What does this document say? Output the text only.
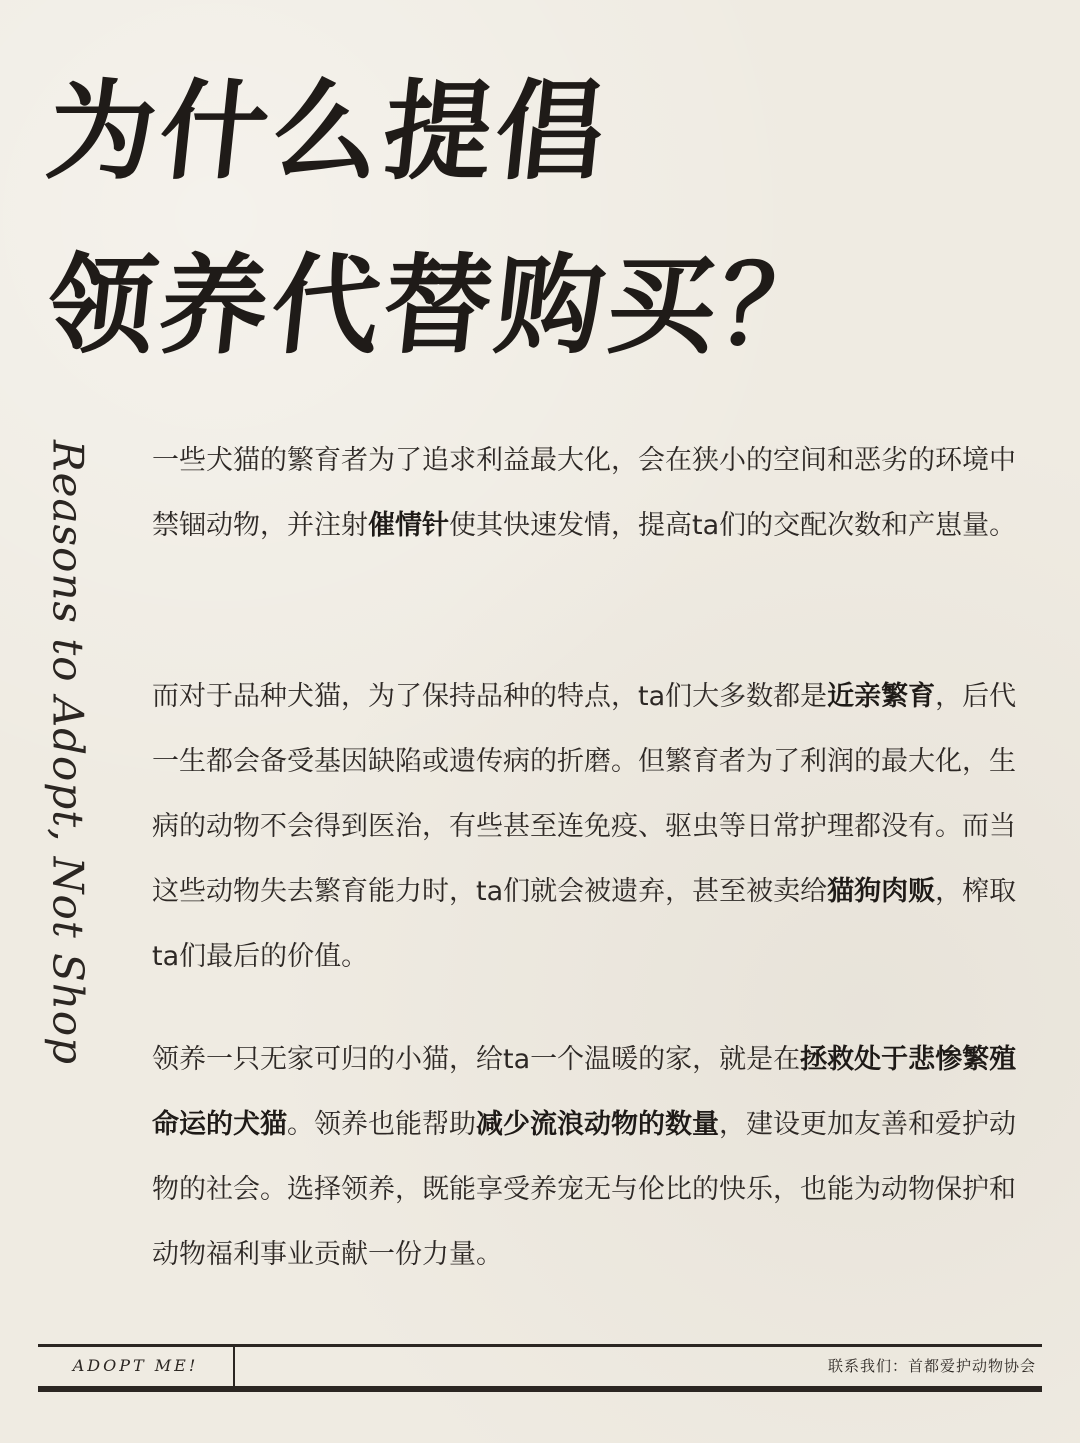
为什么提倡
领养代替购买？
Reasons to Adopt, Not Shop 一些犬猫的繁育者为了追求利益最大化，会在狭小的空间和恶劣的环境中禁锢动物，并注射催情针使其快速发情，提高ta们的交配次数和产崽量。
而对于品种犬猫，为了保持品种的特点，ta们大多数都是近亲繁育，后代一生都会备受基因缺陷或遗传病的折磨。但繁育者为了利润的最大化，生病的动物不会得到医治，有些甚至连免疫、驱虫等日常护理都没有。而当这些动物失去繁育能力时，ta们就会被遗弃，甚至被卖给猫狗肉贩，榨取ta们最后的价值。
领养一只无家可归的小猫，给ta一个温暖的家，就是在拯救处于悲惨繁殖命运的犬猫。领养也能帮助减少流浪动物的数量，建设更加友善和爱护动物的社会。选择领养，既能享受养宠无与伦比的快乐，也能为动物保护和动物福利事业贡献一份力量。
ADOPT ME!	联系我们：首都爱护动物协会
